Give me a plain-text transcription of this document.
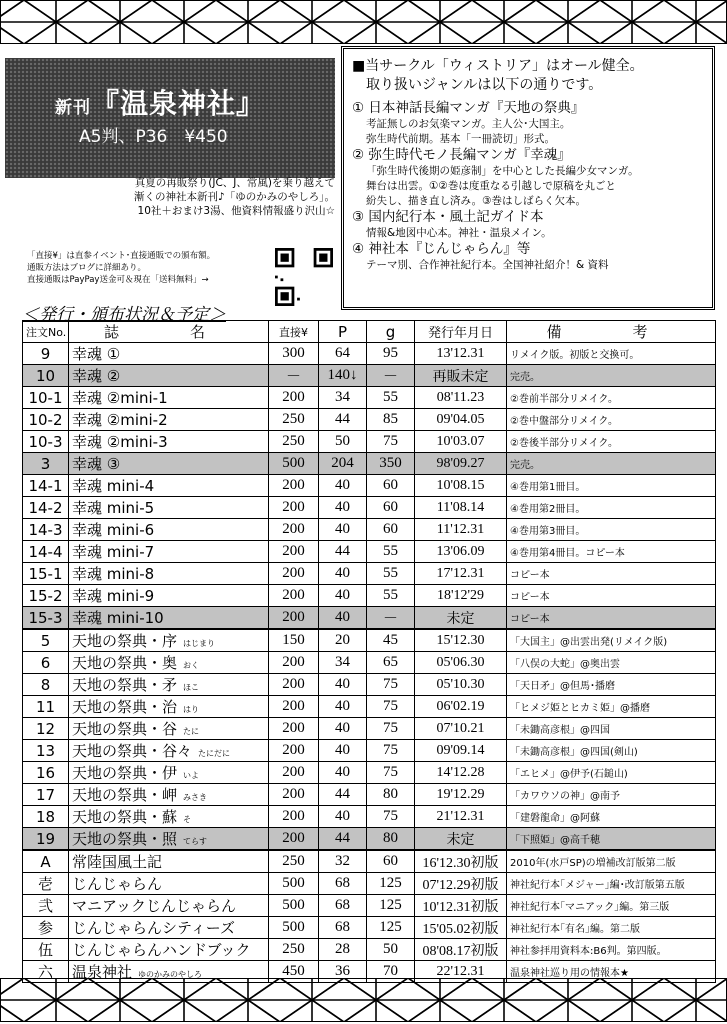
新刊『温泉神社』
A5判、P36　¥450
真夏の再販祭り(JC、J、常風)を乗り越えて
漸くの神社本新刊♪「ゆのかみのやしろ」。
10社＋おまけ3湯、他資料情報盛り沢山☆
「直接¥」は直参イベント･直接通販での頒布額。
通販方法はブログに詳細あり。
直接通販はPayPay送金可＆現在「送料無料」→

■当サークル「ウィストリア」はオール健全。

　取り扱いジャンルは以下の通りです。

① 日本神話長編マンガ『天地の祭典』

考証無しのお気楽マンガ。主人公･大国主。

弥生時代前期。基本「一冊読切」形式。

② 弥生時代モノ長編マンガ『幸魂』

「弥生時代後期の姫彦制」を中心とした長編少女マンガ。

舞台は出雲。①②巻は度重なる引越しで原稿を丸ごと

紛失し、描き直し済み。③巻はしばらく欠本。

③ 国内紀行本・風土記ガイド本

情報&地図中心本。神社・温泉メイン。

④ 神社本『じんじゃらん』等

テーマ別、合作神社紀行本。全国神社紹介！& 資料

＜発行・頒布状況＆予定＞
注文No.	誌　名	直接¥	P	g	発行年月日	備　考
9	幸魂 ①	300	64	95	13'12.31	リメイク版。初版と交換可。
10	幸魂 ②	－	140↓	－	再販未定	完売。
10-1	幸魂 ②mini-1	200	34	55	08'11.23	②巻前半部分リメイク。
10-2	幸魂 ②mini-2	250	44	85	09'04.05	②巻中盤部分リメイク。
10-3	幸魂 ②mini-3	250	50	75	10'03.07	②巻後半部分リメイク。
3	幸魂 ③	500	204	350	98'09.27	完売。
14-1	幸魂 mini-4	200	40	60	10'08.15	④巻用第1冊目。
14-2	幸魂 mini-5	200	40	60	11'08.14	④巻用第2冊目。
14-3	幸魂 mini-6	200	40	60	11'12.31	④巻用第3冊目。
14-4	幸魂 mini-7	200	44	55	13'06.09	④巻用第4冊目。コピー本
15-1	幸魂 mini-8	200	40	55	17'12.31	コピー本
15-2	幸魂 mini-9	200	40	55	18'12'29	コピー本
15-3	幸魂 mini-10	200	40	－	未定	コピー本
5	天地の祭典・序 はじまり	150	20	45	15'12.30	「大国主」@出雲出発(リメイク版)
6	天地の祭典・奥 おく	200	34	65	05'06.30	「八俣の大蛇」@奥出雲
8	天地の祭典・矛 ほこ	200	40	75	05'10.30	「天日矛」@但馬･播磨
11	天地の祭典・治 はり	200	40	75	06'02.19	「ヒメジ姫とヒカミ姫」@播磨
12	天地の祭典・谷 たに	200	40	75	07'10.21	「未鋤高彦根」@四国
13	天地の祭典・谷々 たにだに	200	40	75	09'09.14	「未鋤高彦根」@四国(剣山)
16	天地の祭典・伊 いよ	200	40	75	14'12.28	「エヒメ」@伊予(石鎚山)
17	天地の祭典・岬 みさき	200	44	80	19'12.29	「カワウソの神」@南予
18	天地の祭典・蘇 そ	200	40	75	21'12.31	「建磐龍命」@阿蘇
19	天地の祭典・照 てらす	200	44	80	未定	「下照姫」@高千穂
A	常陸国風土記	250	32	60	16'12.30初版	2010年(水戸SP)の増補改訂版第二版
壱	じんじゃらん	500	68	125	07'12.29初版	神社紀行本｢メジャー｣編･改訂版第五版
弐	マニアックじんじゃらん	500	68	125	10'12.31初版	神社紀行本｢マニアック｣編。第三版
参	じんじゃらんシティーズ	500	68	125	15'05.02初版	神社紀行本｢有名｣編。第二版
伍	じんじゃらんハンドブック	250	28	50	08'08.17初版	神社参拝用資料本:B6判。第四版。
六	温泉神社 ゆのかみのやしろ	450	36	70	22'12.31	温泉神社巡り用の情報本★
